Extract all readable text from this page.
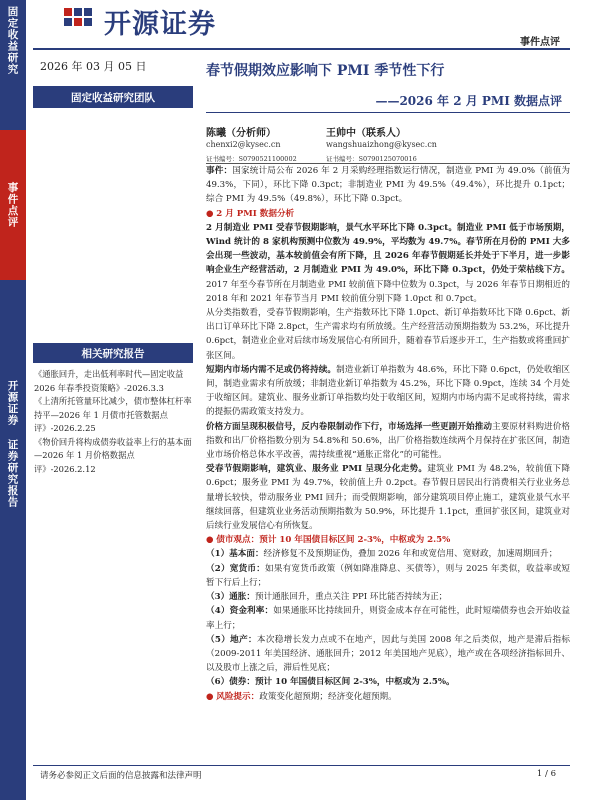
开源证券
事件点评
固定收益研究
事件点评
开源证券 证券研究报告
2026 年 03 月 05 日
固定收益研究团队
相关研究报告
《通胀回升，走出低利率时代—固定收益 2026 年春季投资策略》-2026.3.3
《上清所托管量环比减少，债市整体杠杆率持平—2026 年 1 月债市托管数据点评》-2026.2.25
《物价回升将构成债券收益率上行的基本面—2026 年 1 月价格数据点评》-2026.2.12
春节假期效应影响下 PMI 季节性下行
——2026 年 2 月 PMI 数据点评
陈曦（分析师）
chenxi2@kysec.cn
证书编号：S0790521100002
王帅中（联系人）
wangshuaizhong@kysec.cn
证书编号：S0790125070016

事件：国家统计局公布 2026 年 2 月采购经理指数运行情况，制造业 PMI 为 49.0%（前值为 49.3%，下同），环比下降 0.3pct；非制造业 PMI 为 49.5%（49.4%），环比提升 0.1pct；综合 PMI 为 49.5%（49.8%），环比下降 0.3pct。

● 2 月 PMI 数据分析

2 月制造业 PMI 受春节假期影响，景气水平环比下降 0.3pct。制造业 PMI 低于市场预期，Wind 统计的 8 家机构预测中位数为 49.9%，平均数为 49.7%。春节所在月份的 PMI 大多会出现一些波动，基本较前值会有所下降，且 2026 年春节假期延长并处于下半月，进一步影响企业生产经营活动，2 月制造业 PMI 为 49.0%，环比下降 0.3pct，仍处于荣枯线下方。2017 年至今春节所在月制造业 PMI 较前值下降中位数为 0.3pct，与 2026 年春节日期相近的 2018 年和 2021 年春节当月 PMI 较前值分别下降 1.0pct 和 0.7pct。

从分类指数看，受春节假期影响，生产指数环比下降 1.0pct、新订单指数环比下降 0.6pct、新出口订单环比下降 2.8pct，生产需求均有所放缓。生产经营活动预期指数为 53.2%，环比提升 0.6pct，制造业企业对后续市场发展信心有所回升，随着春节后逐步开工，生产指数或将重回扩张区间。

短期内市场内需不足或仍将持续。制造业新订单指数为 48.6%，环比下降 0.6pct，仍处收缩区间，制造业需求有所放缓；非制造业新订单指数为 45.2%，环比下降 0.9pct，连续 34 个月处于收缩区间。建筑业、服务业新订单指数均处于收缩区间，短期内市场内需不足或将持续，需求的提振仍需政策支持发力。

价格方面呈现积极信号，反内卷限制动作下行，市场选择一些更剧开始推动主要原材料购进价格指数和出厂价格指数分别为 54.8%和 50.6%，出厂价格指数连续两个月保持在扩张区间，制造业市场价格总体水平改善，需持续重视“通胀正常化”的可能性。

受春节假期影响，建筑业、服务业 PMI 呈现分化走势。建筑业 PMI 为 48.2%，较前值下降 0.6pct；服务业 PMI 为 49.7%，较前值上升 0.2pct。春节假日居民出行消费相关行业业务总量增长较快，带动服务业 PMI 回升；而受假期影响，部分建筑项目停止施工，建筑业景气水平继续回落，但建筑业业务活动预期指数为 50.9%，环比提升 1.1pct，重回扩张区间，建筑业对后续行业发展信心有所恢复。

● 债市观点：预计 10 年国债目标区间 2-3%，中枢或为 2.5%

（1）基本面：经济修复不及预期证伪，叠加 2026 年和或宽信用、宽财政，加速周期回升；

（2）宽货币：如果有宽货币政策（例如降准降息、买债等），则与 2025 年类似，收益率或短暂下行后上行；

（3）通胀：预计通胀回升，重点关注 PPI 环比能否持续为正；

（4）资金利率：如果通胀环比持续回升，则资金成本存在可能性，此时短端债券也会开始收益率上行；

（5）地产：本次稳增长发力点或不在地产，因此与美国 2008 年之后类似，地产是滞后指标（2009-2011 年美国经济、通胀回升；2012 年美国地产见底），地产或在各项经济指标回升、以及股市上涨之后，滞后性见底；

（6）债券：预计 10 年国债目标区间 2-3%，中枢或为 2.5%。

● 风险提示：政策变化超预期；经济变化超预期。

请务必参阅正文后面的信息披露和法律声明	1 / 6
